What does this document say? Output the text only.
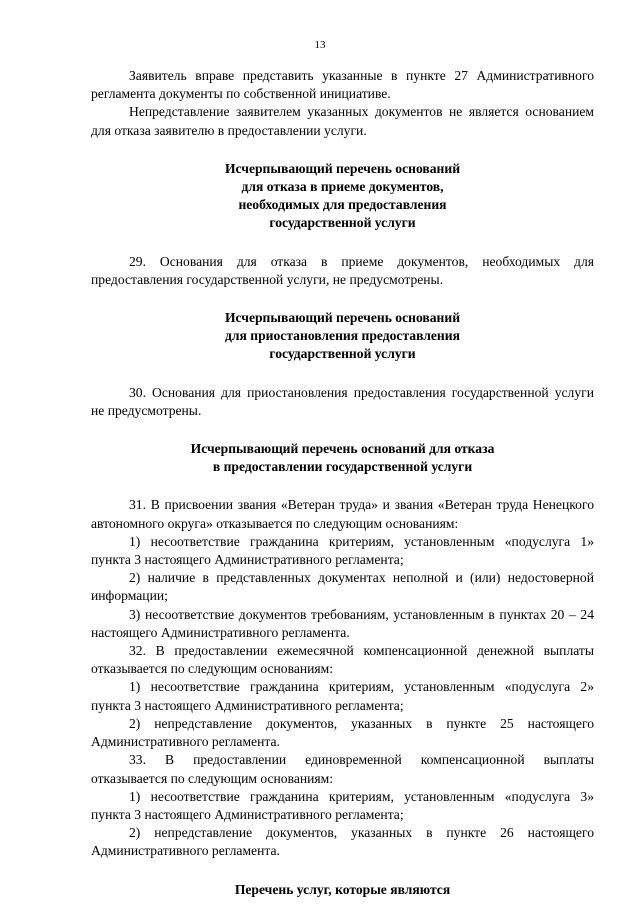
13

Заявитель вправе представить указанные в пункте 27 Административного регламента документы по собственной инициативе.

Непредставление заявителем указанных документов не является основанием для отказа заявителю в предоставлении услуги.

Исчерпывающий перечень оснований
для отказа в приеме документов,
необходимых для предоставления
государственной услуги

29. Основания для отказа в приеме документов, необходимых для предоставления государственной услуги, не предусмотрены.

Исчерпывающий перечень оснований
для приостановления предоставления
государственной услуги

30. Основания для приостановления предоставления государственной услуги не предусмотрены.

Исчерпывающий перечень оснований для отказа
в предоставлении государственной услуги

31. В присвоении звания «Ветеран труда» и звания «Ветеран труда Ненецкого автономного округа» отказывается по следующим основаниям:

1) несоответствие гражданина критериям, установленным «подуслуга 1» пункта 3 настоящего Административного регламента;

2) наличие в представленных документах неполной и (или) недостоверной информации;

3) несоответствие документов требованиям, установленным в пунктах 20 – 24 настоящего Административного регламента.

32. В предоставлении ежемесячной компенсационной денежной выплаты отказывается по следующим основаниям:

1) несоответствие гражданина критериям, установленным «подуслуга 2» пункта 3 настоящего Административного регламента;

2) непредставление документов, указанных в пункте 25 настоящего Административного регламента.

33. В предоставлении единовременной компенсационной выплаты отказывается по следующим основаниям:

1) несоответствие гражданина критериям, установленным «подуслуга 3» пункта 3 настоящего Административного регламента;

2) непредставление документов, указанных в пункте 26 настоящего Административного регламента.

Перечень услуг, которые являются
